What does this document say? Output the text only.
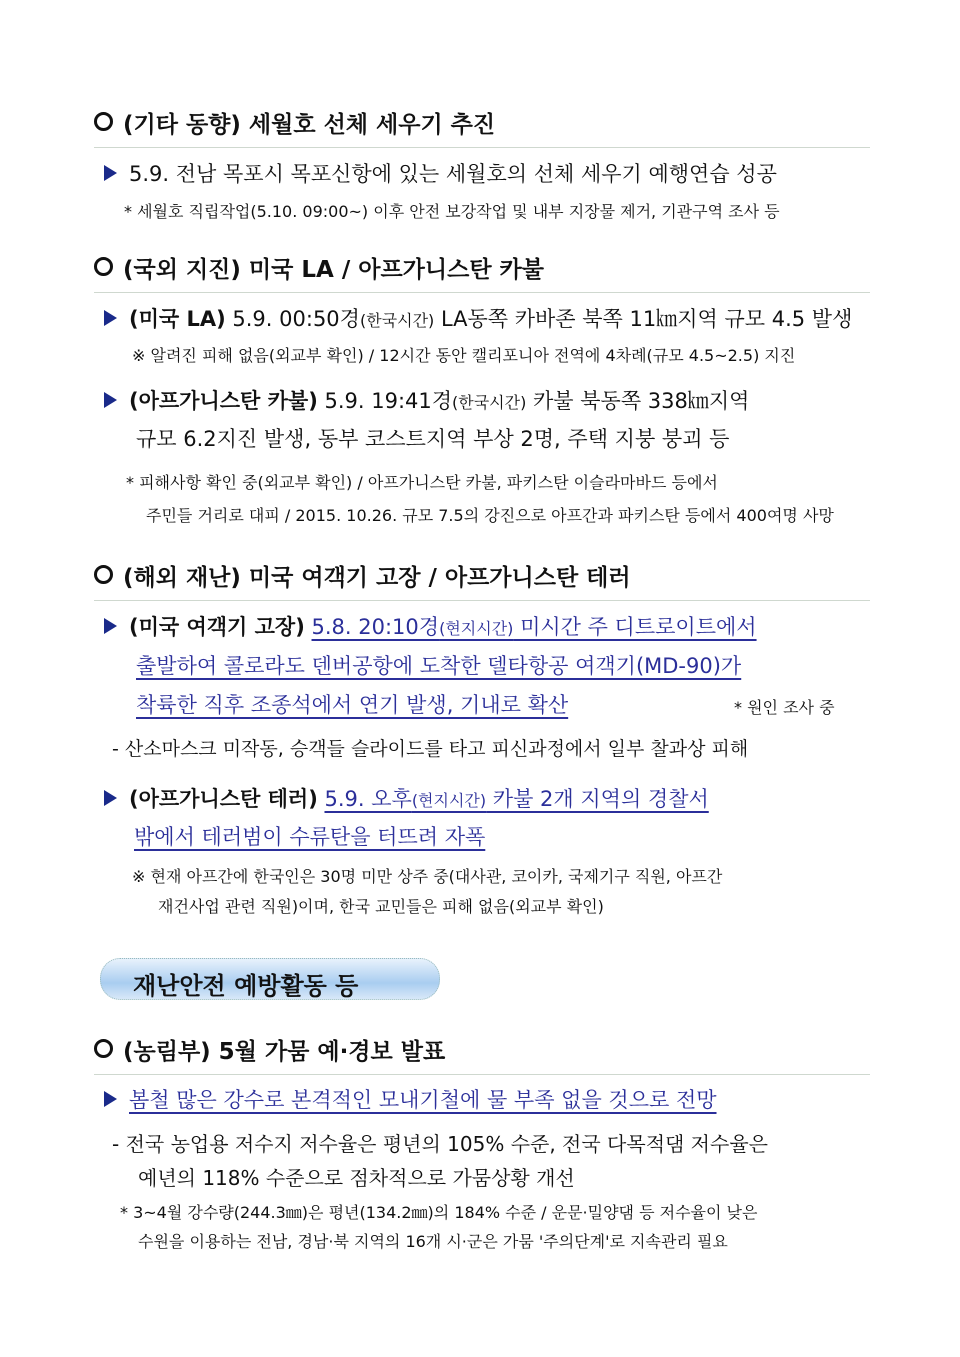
(기타 동향) 세월호 선체 세우기 추진
5.9. 전남 목포시 목포신항에 있는 세월호의 선체 세우기 예행연습 성공
* 세월호 직립작업(5.10. 09:00~) 이후 안전 보강작업 및 내부 지장물 제거, 기관구역 조사 등
(국외 지진) 미국 LA / 아프가니스탄 카불
(미국 LA) 5.9. 00:50경(한국시간) LA동쪽 카바존 북쪽 11㎞지역 규모 4.5 발생
※ 알려진 피해 없음(외교부 확인) / 12시간 동안 캘리포니아 전역에 4차례(규모 4.5~2.5) 지진
(아프가니스탄 카불) 5.9. 19:41경(한국시간) 카불 북동쪽 338㎞지역
규모 6.2지진 발생, 동부 코스트지역 부상 2명, 주택 지붕 붕괴 등
* 피해사항 확인 중(외교부 확인) / 아프가니스탄 카불, 파키스탄 이슬라마바드 등에서
주민들 거리로 대피 / 2015. 10.26. 규모 7.5의 강진으로 아프간과 파키스탄 등에서 400여명 사망
(해외 재난) 미국 여객기 고장 / 아프가니스탄 테러
(미국 여객기 고장) 5.8. 20:10경(현지시간) 미시간 주 디트로이트에서
출발하여 콜로라도 덴버공항에 도착한 델타항공 여객기(MD-90)가
착륙한 직후 조종석에서 연기 발생, 기내로 확산	* 원인 조사 중
- 산소마스크 미작동, 승객들 슬라이드를 타고 피신과정에서 일부 찰과상 피해
(아프가니스탄 테러) 5.9. 오후(현지시간) 카불 2개 지역의 경찰서
밖에서 테러범이 수류탄을 터뜨려 자폭
※ 현재 아프간에 한국인은 30명 미만 상주 중(대사관, 코이카, 국제기구 직원, 아프간
재건사업 관련 직원)이며, 한국 교민들은 피해 없음(외교부 확인)
재난안전 예방활동 등
(농림부) 5월 가뭄 예·경보 발표
봄철 많은 강수로 본격적인 모내기철에 물 부족 없을 것으로 전망
- 전국 농업용 저수지 저수율은 평년의 105% 수준, 전국 다목적댐 저수율은
예년의 118% 수준으로 점차적으로 가뭄상황 개선
* 3~4월 강수량(244.3㎜)은 평년(134.2㎜)의 184% 수준 / 운문·밀양댐 등 저수율이 낮은
수원을 이용하는 전남, 경남·북 지역의 16개 시·군은 가뭄 '주의단계'로 지속관리 필요
